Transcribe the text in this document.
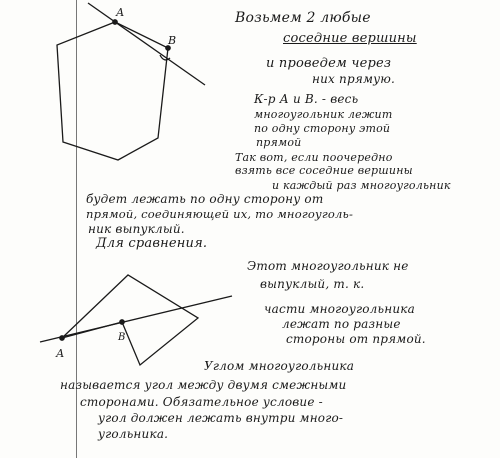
А
В
А
В

Возьмем 2 любые

соседние вершины

и проведем через

них прямую.

К-р А и В. - весь

многоугольник лежит

по одну сторону этой

прямой

Так вот, если поочередно

взять все соседние вершины

и каждый раз многоугольник

будет лежать по одну сторону от

прямой, соединяющей их, то многоуголь-

ник выпуклый.

Для сравнения.

Этот многоугольник не

выпуклый, т. к.

части многоугольника

лежат по разные

стороны от прямой.

Углом многоугольника

называется угол между двумя смежными

сторонами. Обязательное условие -

угол должен лежать внутри много-

угольника.
